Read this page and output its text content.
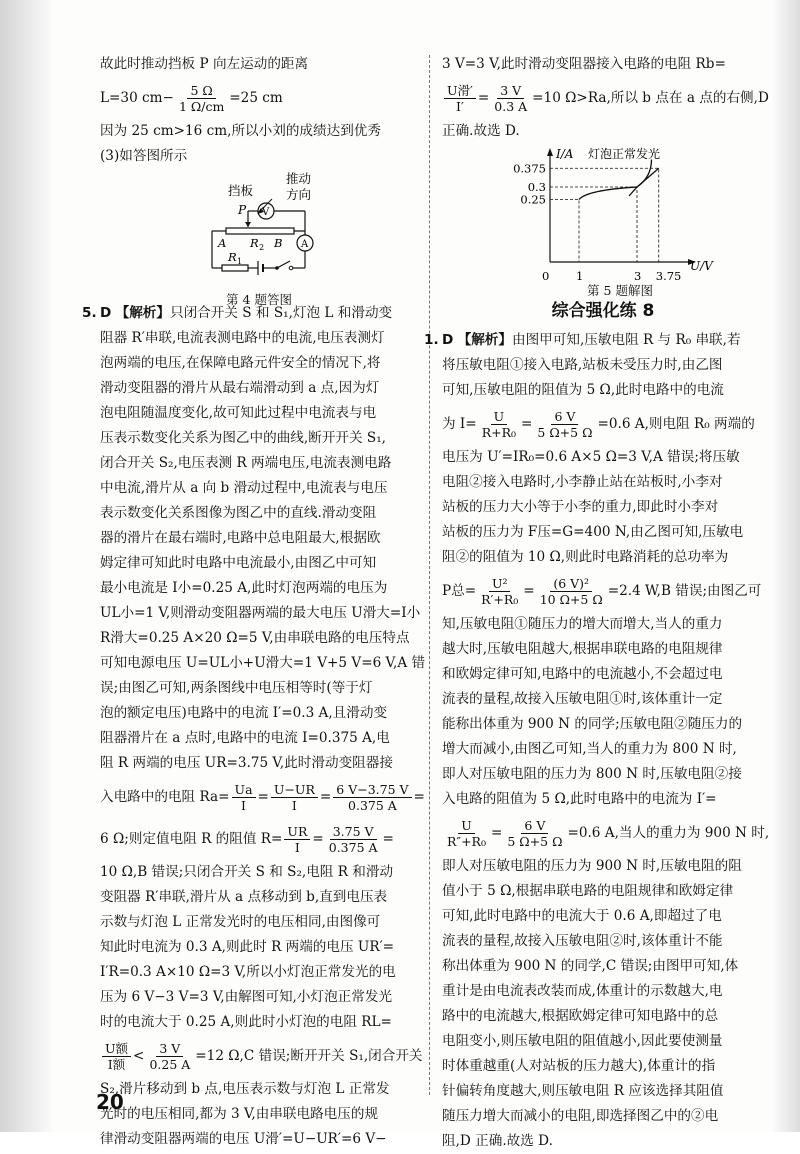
故此时推动挡板 P 向左运动的距离
L=30 $cm- \frac{5 \Omega}{1 \Omega/cm} =25$ cm
因为 25 cm>16 cm,所以小刘的成绩达到优秀
(3)如答图所示
挡板
推动
方向
P V
A R 2 B A
R 1
第 4 题答图
5. D 【解析】只闭合开关 S 和 S₁,灯泡 L 和滑动变
阻器 R′串联,电流表测电路中的电流,电压表测灯
泡两端的电压,在保障电路元件安全的情况下,将
滑动变阻器的滑片从最右端滑动到 a 点,因为灯
泡电阻随温度变化,故可知此过程中电流表与电
压表示数变化关系为图乙中的曲线,断开开关 S₁,
闭合开关 S₂,电压表测 R 两端电压,电流表测电路
中电流,滑片从 a 向 b 滑动过程中,电流表与电压
表示数变化关系图像为图乙中的直线.滑动变阻
器的滑片在最右端时,电路中总电阻最大,根据欧
姆定律可知此时电路中电流最小,由图乙中可知
最小电流是 I小=0.25 A,此时灯泡两端的电压为
UL小=1 V,则滑动变阻器两端的最大电压 U滑大=I小
R滑大=0.25 A×20 Ω=5 V,由串联电路的电压特点
可知电源电压 U=UL小+U滑大=1 V+5 V=6 V,A 错
误;由图乙可知,两条图线中电压相等时(等于灯
泡的额定电压)电路中的电流 I′=0.3 A,且滑动变
阻器滑片在 a 点时,电路中的电流 I=0.375 A,电
阻 R 两端的电压 UR=3.75 V,此时滑动变阻器接
入电路中的电阻 $Ra= \frac{Ua}{I} = \frac{U-UR}{I} = \frac{6 V-3.75 V}{0.375 A}$ =
6 Ω;则定值电阻 R 的阻值 $R= \frac{UR}{I} = \frac{3.75 V}{0.375 A}$ =
10 Ω,B 错误;只闭合开关 S 和 S₂,电阻 R 和滑动
变阻器 R′串联,滑片从 a 点移动到 b,直到电压表
示数与灯泡 L 正常发光时的电压相同,由图像可
知此时电流为 0.3 A,则此时 R 两端的电压 UR′=
I′R=0.3 A×10 Ω=3 V,所以小灯泡正常发光的电
压为 6 V−3 V=3 V,由解图可知,小灯泡正常发光
时的电流大于 0.25 A,则此时小灯泡的电阻 RL=
$\frac{\text{U额}}{\text{I额}} < \frac{3 V}{0.25 A} =12$ Ω,C 错误;断开开关 S₁,闭合开关
S₂,滑片移动到 b 点,电压表示数与灯泡 L 正常发
光时的电压相同,都为 3 V,由串联电路电压的规
律滑动变阻器两端的电压 U滑′=U−UR′=6 V−
3 V=3 V,此时滑动变阻器接入电路的电阻 Rb=
$\frac{\text{U滑′}}{I'} = \frac{3 V}{0.3 A} =10$ Ω>Ra,所以 b 点在 a 点的右侧,D
正确.故选 D.
I/A 灯泡正常发光
U/V
0.25
0.3
0.375
0 1	3 3.75
第 5 题解图
综合强化练 8
1. D 【解析】由图甲可知,压敏电阻 R 与 R₀ 串联,若
将压敏电阻①接入电路,站板未受压力时,由乙图
可知,压敏电阻的阻值为 5 Ω,此时电路中的电流
为 $I= \frac{U}{\text{R+R₀}} = \frac{6 V}{5 \Omega+5 \Omega} =0.6$ A,则电阻 R₀ 两端的
电压为 U′=IR₀=0.6 A×5 Ω=3 V,A 错误;将压敏
电阻②接入电路时,小李静止站在站板时,小李对
站板的压力大小等于小李的重力,即此时小李对
站板的压力为 F压=G=400 N,由乙图可知,压敏电
阻②的阻值为 10 Ω,则此时电路消耗的总功率为
P总= $\frac{\text{U²}}{\text{R′+R₀}} = \frac{\text{(6 V)²}}{10 \Omega+5 \Omega} =2.4$ W,B 错误;由图乙可
知,压敏电阻①随压力的增大而增大,当人的重力
越大时,压敏电阻越大,根据串联电路的电阻规律
和欧姆定律可知,电路中的电流越小,不会超过电
流表的量程,故接入压敏电阻①时,该体重计一定
能称出体重为 900 N 的同学;压敏电阻②随压力的
增大而减小,由图乙可知,当人的重力为 800 N 时,
即人对压敏电阻的压力为 800 N 时,压敏电阻②接
入电路的阻值为 5 Ω,此时电路中的电流为 I′=
$\frac{U}{\text{R″+R₀}} = \frac{6 V}{5 \Omega+5 \Omega} =0.6$ A,当人的重力为 900 N 时,
即人对压敏电阻的压力为 900 N 时,压敏电阻的阻
值小于 5 Ω,根据串联电路的电阻规律和欧姆定律
可知,此时电路中的电流大于 0.6 A,即超过了电
流表的量程,故接入压敏电阻②时,该体重计不能
称出体重为 900 N 的同学,C 错误;由图甲可知,体
重计是由电流表改装而成,体重计的示数越大,电
路中的电流越大,根据欧姆定律可知电路中的总
电阻变小,则压敏电阻的阻值越小,因此要使测量
时体重越重(人对站板的压力越大),体重计的指
针偏转角度越大,则压敏电阻 R 应该选择其阻值
随压力增大而减小的电阻,即选择图乙中的②电
阻,D 正确.故选 D.
20
